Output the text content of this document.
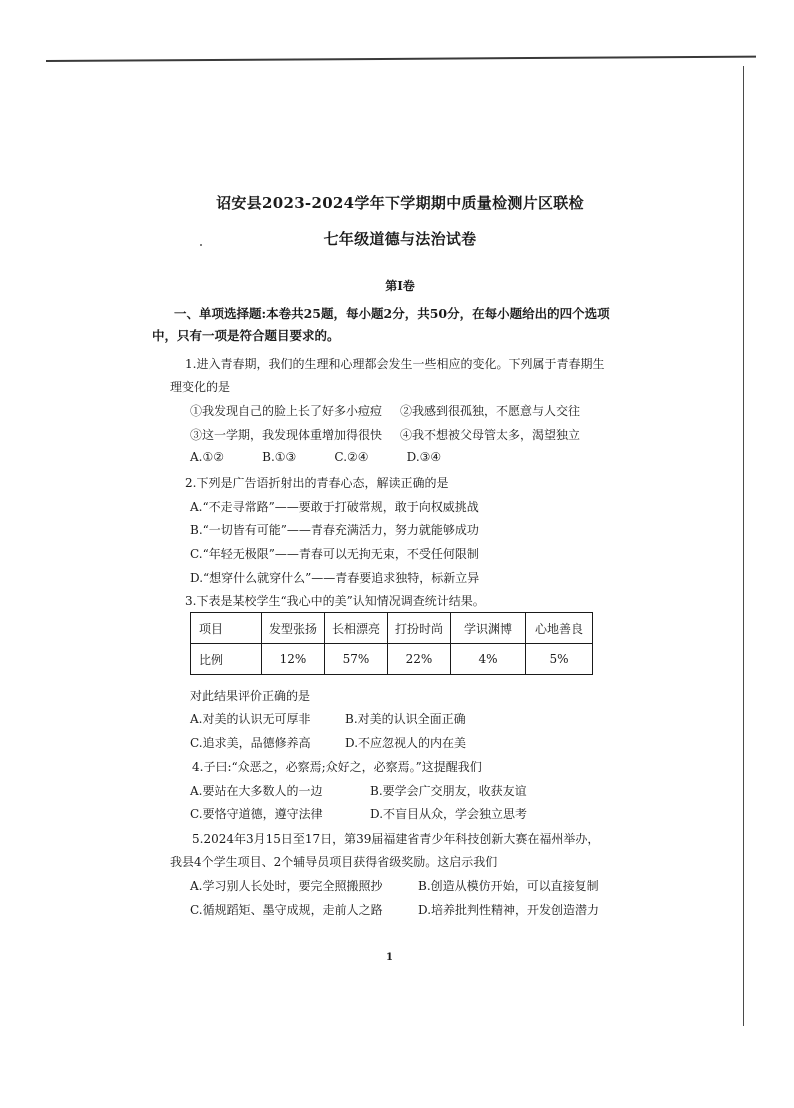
诏安县2023-2024学年下学期期中质量检测片区联检
七年级道德与法治试卷
第Ⅰ卷
一、单项选择题:本卷共25题，每小题2分，共50分，在每小题给出的四个选项中，只有一项是符合题目要求的。
1.进入青春期，我们的生理和心理都会发生一些相应的变化。下列属于青春期生
理变化的是
①我发现自己的脸上长了好多小痘痘 ②我感到很孤独，不愿意与人交往
③这一学期，我发现体重增加得很快 ④我不想被父母管太多，渴望独立
A.①②          B.①③          C.②④          D.③④
2.下列是广告语折射出的青春心态，解读正确的是
A.“不走寻常路”——要敢于打破常规，敢于向权威挑战
B.“一切皆有可能”——青春充满活力，努力就能够成功
C.“年轻无极限”——青春可以无拘无束，不受任何限制
D.“想穿什么就穿什么”——青春要追求独特，标新立异
3.下表是某校学生“我心中的美”认知情况调查统计结果。
项目	发型张扬	长相漂亮	打扮时尚	学识渊博	心地善良
比例	12%	57%	22%	4%	5%
对此结果评价正确的是
A.对美的认识无可厚非	B.对美的认识全面正确
C.追求美，品德修养高	D.不应忽视人的内在美
4.子曰:“众恶之，必察焉;众好之，必察焉。”这提醒我们
A.要站在大多数人的一边	B.要学会广交朋友，收获友谊
C.要恪守道德，遵守法律	D.不盲目从众，学会独立思考
5.2024年3月15日至17日，第39届福建省青少年科技创新大赛在福州举办，
我县4个学生项目、2个辅导员项目获得省级奖励。这启示我们
A.学习别人长处时，要完全照搬照抄	B.创造从模仿开始，可以直接复制
C.循规蹈矩、墨守成规，走前人之路	D.培养批判性精神，开发创造潜力
1
